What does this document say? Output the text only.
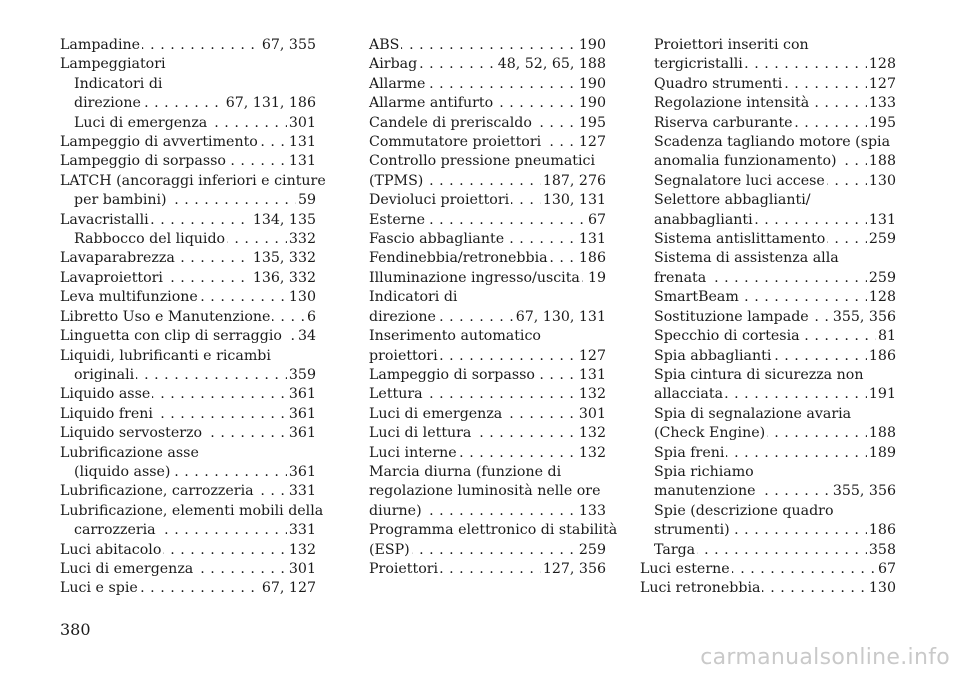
Lampadine	67, 355
. . .
Lampeggiatori
Indicatori di
direzione	67, 131, 186
. . .
Luci di emergenza	301
. . .
Lampeggio di avvertimento 131
. . .
Lampeggio di sorpasso	131
. . .
LATCH (ancoraggi inferiori e cinture
per bambini)	59
. . .
Lavacristalli	134, 135
. . .
Rabbocco del liquido	332
. . .
Lavaparabrezza	135, 332
. . .
Lavaproiettori	136, 332
. . .
Leva multifunzione	130
. . .
Libretto Uso e Manutenzione	6
. . .
Linguetta con clip di serraggio 34
. . .
Liquidi, lubrificanti e ricambi
originali	359
. . .
Liquido asse	361
. . .
Liquido freni	361
. . .
Liquido servosterzo	361
. . .
Lubrificazione asse
(liquido asse)	361
. . .
Lubrificazione, carrozzeria 331
. . .
Lubrificazione, elementi mobili della
carrozzeria	331
. . .
Luci abitacolo	132
. . .
Luci di emergenza	301
. . .
Luci e spie	67, 127
. . .
ABS	190
. . .
Airbag	48, 52, 65, 188
. . .
Allarme	190
. . .
Allarme antifurto	190
. . .
Candele di preriscaldo	195
. . .
Commutatore proiettori	127
. . .
Controllo pressione pneumatici
(TPMS)	187, 276
. . .
Devioluci proiettori 130, 131
. . .
Esterne	67
. . .
Fascio abbagliante	131
. . .
Fendinebbia/retronebbia 186
. . .
Illuminazione ingresso/uscita 19
. . .
Indicatori di
direzione	67, 130, 131
. . .
Inserimento automatico
proiettori	127
. . .
Lampeggio di sorpasso	131
. . .
Lettura	132
. . .
Luci di emergenza	301
. . .
Luci di lettura	132
. . .
Luci interne	132
. . .
Marcia diurna (funzione di
regolazione luminosità nelle ore
diurne)	133
. . .
Programma elettronico di stabilità
(ESP)	259
. . .
Proiettori	127, 356
. . .
Proiettori inseriti con
tergicristalli	128
. . .
Quadro strumenti	127
. . .
Regolazione intensità	133
. . .
Riserva carburante	195
. . .
Scadenza tagliando motore (spia
anomalia funzionamento) 188
. . .
Segnalatore luci accese	130
. . .
Selettore abbaglianti/
anabbaglianti	131
. . .
Sistema antislittamento	259
. . .
Sistema di assistenza alla
frenata	259
. . .
SmartBeam	128
. . .
Sostituzione lampade 355, 356
. . .
Specchio di cortesia	81
. . .
Spia abbaglianti	186
. . .
Spia cintura di sicurezza non
allacciata	191
. . .
Spia di segnalazione avaria
(Check Engine)	188
. . .
Spia freni	189
. . .
Spia richiamo
manutenzione	355, 356
. . .
Spie (descrizione quadro
strumenti)	186
. . .
Targa	358
. . .
Luci esterne	67
. . .
Luci retronebbia	130
. . .
380
carmanualsonline.info
